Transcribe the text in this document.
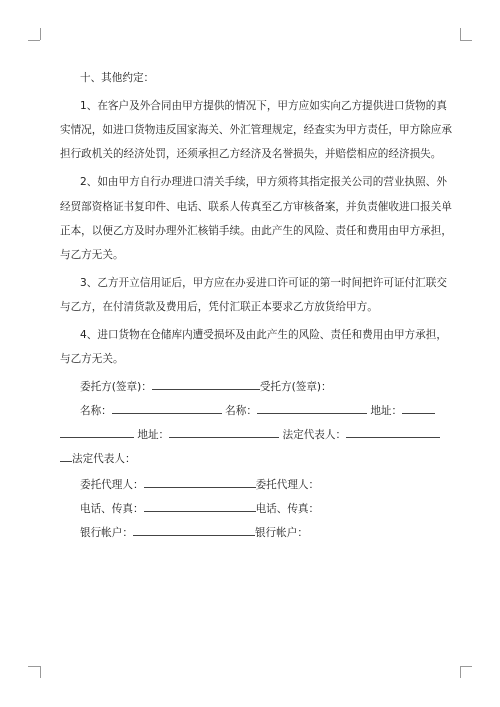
十、其他约定：
1、在客户及外合同由甲方提供的情况下，甲方应如实向乙方提供进口货物的真
实情况，如进口货物违反国家海关、外汇管理规定，经查实为甲方责任，甲方除应承
担行政机关的经济处罚，还须承担乙方经济及名誉损失，并赔偿相应的经济损失。
2、如由甲方自行办理进口清关手续，甲方须将其指定报关公司的营业执照、外
经贸部资格证书复印件、电话、联系人传真至乙方审核备案，并负责催收进口报关单
正本，以便乙方及时办理外汇核销手续。由此产生的风险、责任和费用由甲方承担，
与乙方无关。
3、乙方开立信用证后，甲方应在办妥进口许可证的第一时间把许可证付汇联交
与乙方，在付清货款及费用后，凭付汇联正本要求乙方放货给甲方。
4、进口货物在仓储库内遭受损坏及由此产生的风险、责任和费用由甲方承担，
与乙方无关。
委托方(签章)：	受托方(签章)：
名称：	名称：	地址：
地址：	法定代表人：
法定代表人：
委托代理人：	委托代理人：
电话、传真：	电话、传真：
银行帐户：	银行帐户：
